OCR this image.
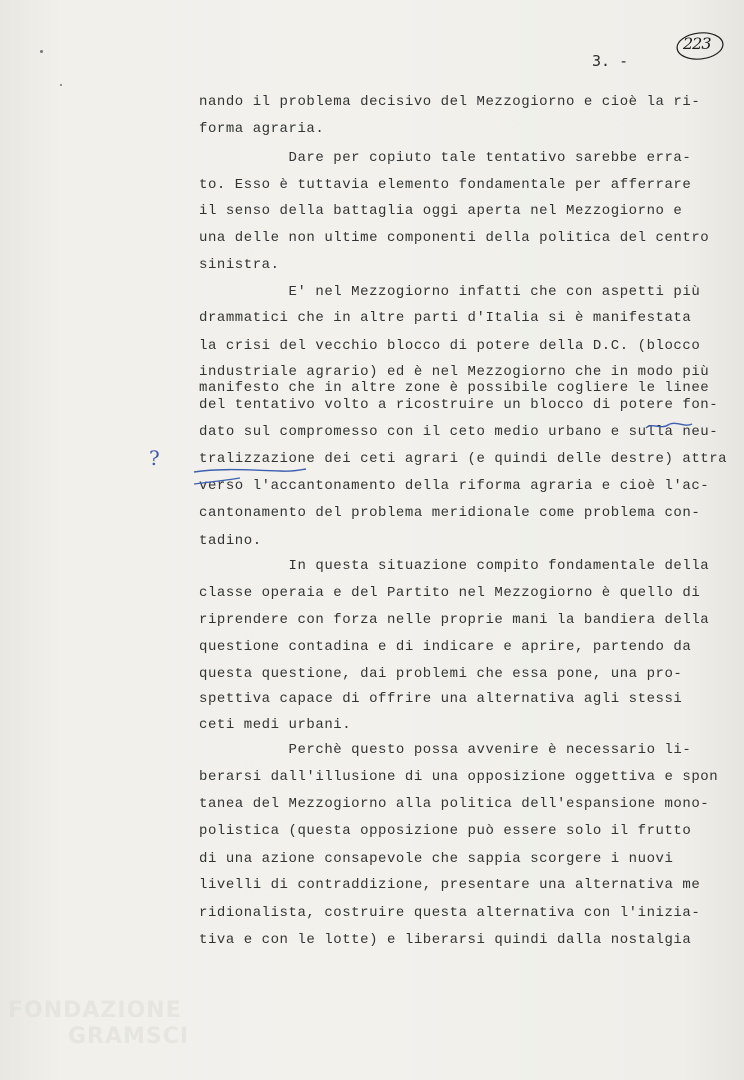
3. -
223
?
nando il problema decisivo del Mezzogiorno e cioè la ri-
forma agraria.
Dare per copiuto tale tentativo sarebbe erra-
to. Esso è tuttavia elemento fondamentale per afferrare
il senso della battaglia oggi aperta nel Mezzogiorno e
una delle non ultime componenti della politica del centro
sinistra.
E' nel Mezzogiorno infatti che con aspetti più
drammatici che in altre parti d'Italia si è manifestata
la crisi del vecchio blocco di potere della D.C. (blocco
industriale agrario) ed è nel Mezzogiorno che in modo più
manifesto che in altre zone è possibile cogliere le linee
del tentativo volto a ricostruire un blocco di potere fon-
dato sul compromesso con il ceto medio urbano e sulla neu-
tralizzazione dei ceti agrari (e quindi delle destre) attra
verso l'accantonamento della riforma agraria e cioè l'ac-
cantonamento del problema meridionale come problema con-
tadino.
In questa situazione compito fondamentale della
classe operaia e del Partito nel Mezzogiorno è quello di
riprendere con forza nelle proprie mani la bandiera della
questione contadina e di indicare e aprire, partendo da
questa questione, dai problemi che essa pone, una pro-
spettiva capace di offrire una alternativa agli stessi
ceti medi urbani.
Perchè questo possa avvenire è necessario li-
berarsi dall'illusione di una opposizione oggettiva e spon
tanea del Mezzogiorno alla politica dell'espansione mono-
polistica (questa opposizione può essere solo il frutto
di una azione consapevole che sappia scorgere i nuovi
livelli di contraddizione, presentare una alternativa me
ridionalista, costruire questa alternativa con l'inizia-
tiva e con le lotte) e liberarsi quindi dalla nostalgia
FONDAZIONE
GRAMSCI
